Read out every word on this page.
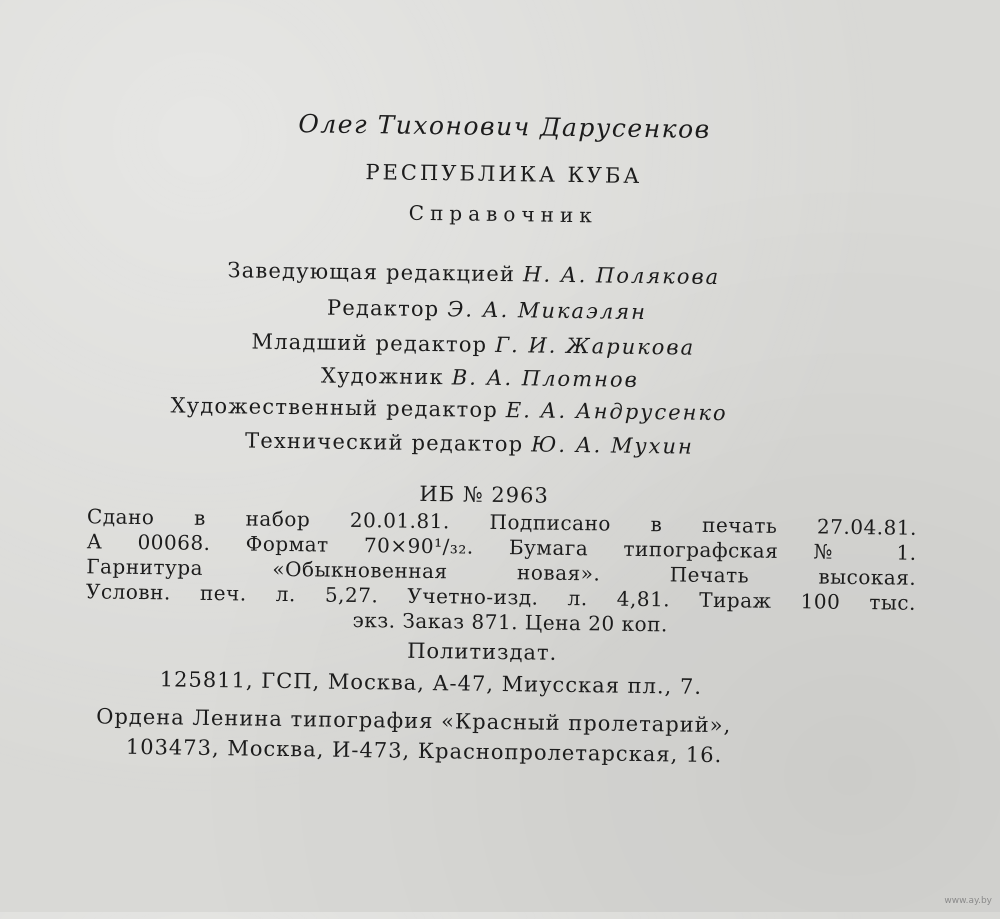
Олег Тихонович Дарусенков
РЕСПУБЛИКА КУБА
Справочник
Заведующая редакцией Н. А. Полякова
Редактор Э. А. Микаэлян
Младший редактор Г. И. Жарикова
Художник В. А. Плотнов
Художественный редактор Е. А. Андрусенко
Технический редактор Ю. А. Мухин
ИБ № 2963
Сдано в набор 20.01.81. Подписано в печать 27.04.81.
А 00068. Формат 70×90¹/₃₂. Бумага типографская № 1.
Гарнитура «Обыкновенная новая». Печать высокая.
Условн. печ. л. 5,27. Учетно-изд. л. 4,81. Тираж 100 тыс.
экз. Заказ 871. Цена 20 коп.
Политиздат.
125811, ГСП, Москва, А-47, Миусская пл., 7.
Ордена Ленина типография «Красный пролетарий»,
103473, Москва, И-473, Краснопролетарская, 16.
www.ay.by
